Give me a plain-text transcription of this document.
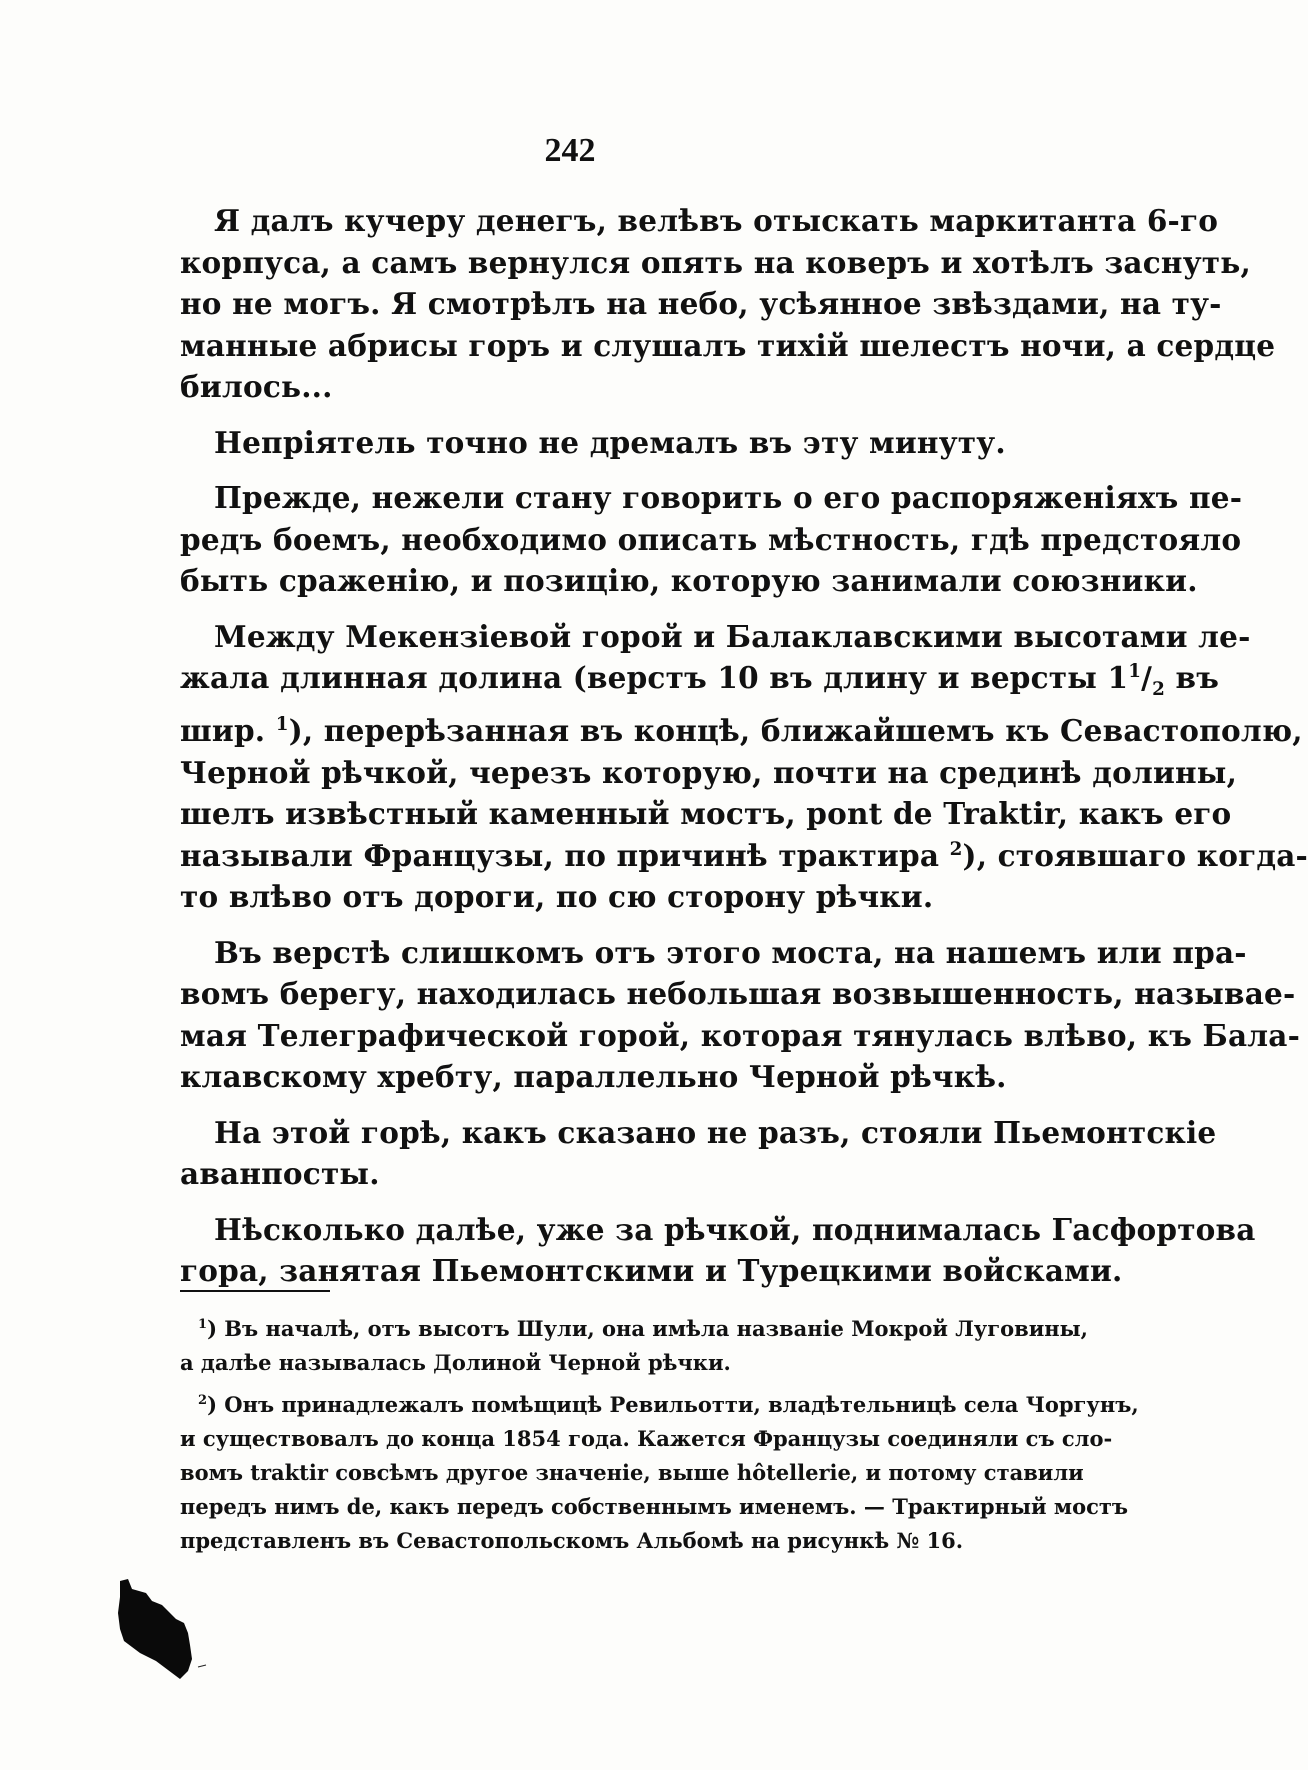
242

Я далъ кучеру денегъ, велѣвъ отыскать маркитанта 6-го
корпуса, а самъ вернулся опять на коверъ и хотѣлъ заснуть,
но не могъ. Я смотрѣлъ на небо, усѣянное звѣздами, на ту-
манные абрисы горъ и слушалъ тихій шелестъ ночи, а сердце
билось...

Непріятель точно не дремалъ въ эту минуту.

Прежде, нежели стану говорить о его распоряженіяхъ пе-
редъ боемъ, необходимо описать мѣстность, гдѣ предстояло
быть сраженію, и позицію, которую занимали союзники.

Между Мекензіевой горой и Балаклавскими высотами ле-
жала длинная долина (верстъ 10 въ длину и версты $1^1/_2$ въ
шир. $^1$), перерѣзанная въ концѣ, ближайшемъ къ Севастополю,
Черной рѣчкой, черезъ которую, почти на срединѣ долины,
шелъ извѣстный каменный мостъ, pont de Traktir, какъ его
называли Французы, по причинѣ трактира $^2$), стоявшаго когда-
то влѣво отъ дороги, по сю сторону рѣчки.

Въ верстѣ слишкомъ отъ этого моста, на нашемъ или пра-
вомъ берегу, находилась небольшая возвышенность, называе-
мая Телеграфической горой, которая тянулась влѣво, къ Бала-
клавскому хребту, параллельно Черной рѣчкѣ.

На этой горѣ, какъ сказано не разъ, стояли Пьемонтскіе
аванпосты.

Нѣсколько далѣе, уже за рѣчкой, поднималась Гасфортова
гора, занятая Пьемонтскими и Турецкими войсками.

$^1$) Въ началѣ, отъ высотъ Шули, она имѣла названіе Мокрой Луговины,
а далѣе называлась Долиной Черной рѣчки.

$^2$) Онъ принадлежалъ помѣщицѣ Ревильотти, владѣтельницѣ села Чоргунъ,
и существовалъ до конца 1854 года. Кажется Французы соединяли съ сло-
вомъ traktir совсѣмъ другое значеніе, выше hôtellerie, и потому ставили
передъ нимъ de, какъ передъ собственнымъ именемъ. — Трактирный мостъ
представленъ въ Севастопольскомъ Альбомѣ на рисункѣ № 16.
